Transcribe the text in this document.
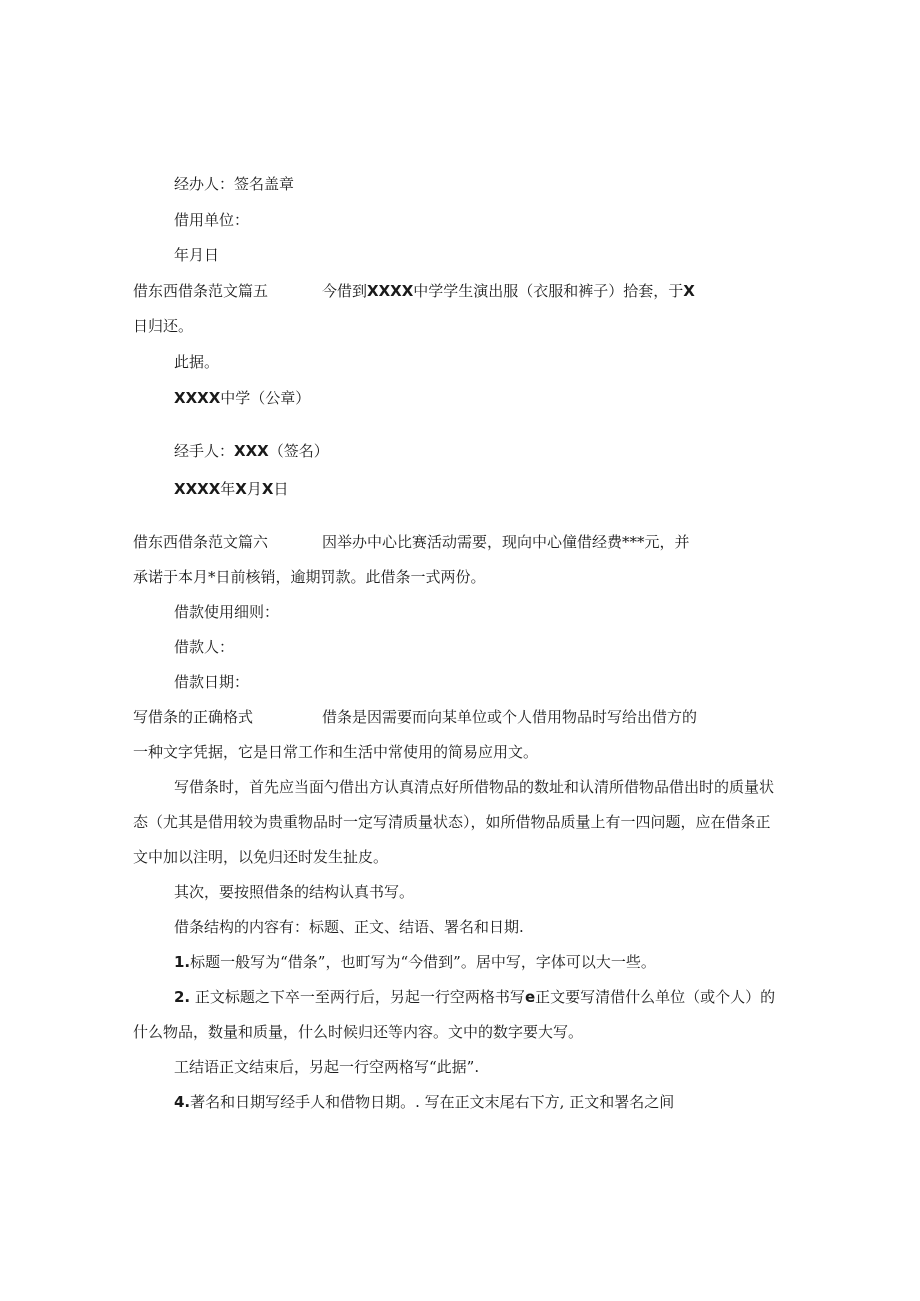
经办人：签名盖章
借用单位：
年月日
借东西借条范文篇五	今借到XXXX中学学生演出服（衣服和裤子）拾套，于X
日归还。
此据。
XXXX中学（公章）
经手人：XXX（签名）
XXXX年X月X日
借东西借条范文篇六	因举办中心比赛活动需要，现向中心僮借经费***元，并
承诺于本月*日前核销，逾期罚款。此借条一式两份。
借款使用细则：
借款人：
借款日期：
写借条的正确格式	借条是因需要而向某单位或个人借用物品时写给出借方的
一种文字凭据，它是日常工作和生活中常使用的简易应用文。
写借条时，首先应当面勺借出方认真清点好所借物品的数址和认清所借物品借出时的质量状
态（尤其是借用较为贵重物品时一定写清质量状态），如所借物品质量上有一四问题，应在借条正
文中加以注明，以免归还时发生扯皮。
其次，要按照借条的结构认真书写。
借条结构的内容有：标题、正文、结语、署名和日期.
1.标题一般写为“借条”，也町写为“今借到”。居中写，字体可以大一些。
2. 正文标题之下卒一至两行后，另起一行空两格书写e正文要写清借什么单位（或个人）的
什么物品，数量和质量，什么时候归还等内容。文中的数字要大写。
工结语正文结束后，另起一行空两格写“此据”.
4.著名和日期写经手人和借物日期。. 写在正文末尾右下方, 正文和署名之间
